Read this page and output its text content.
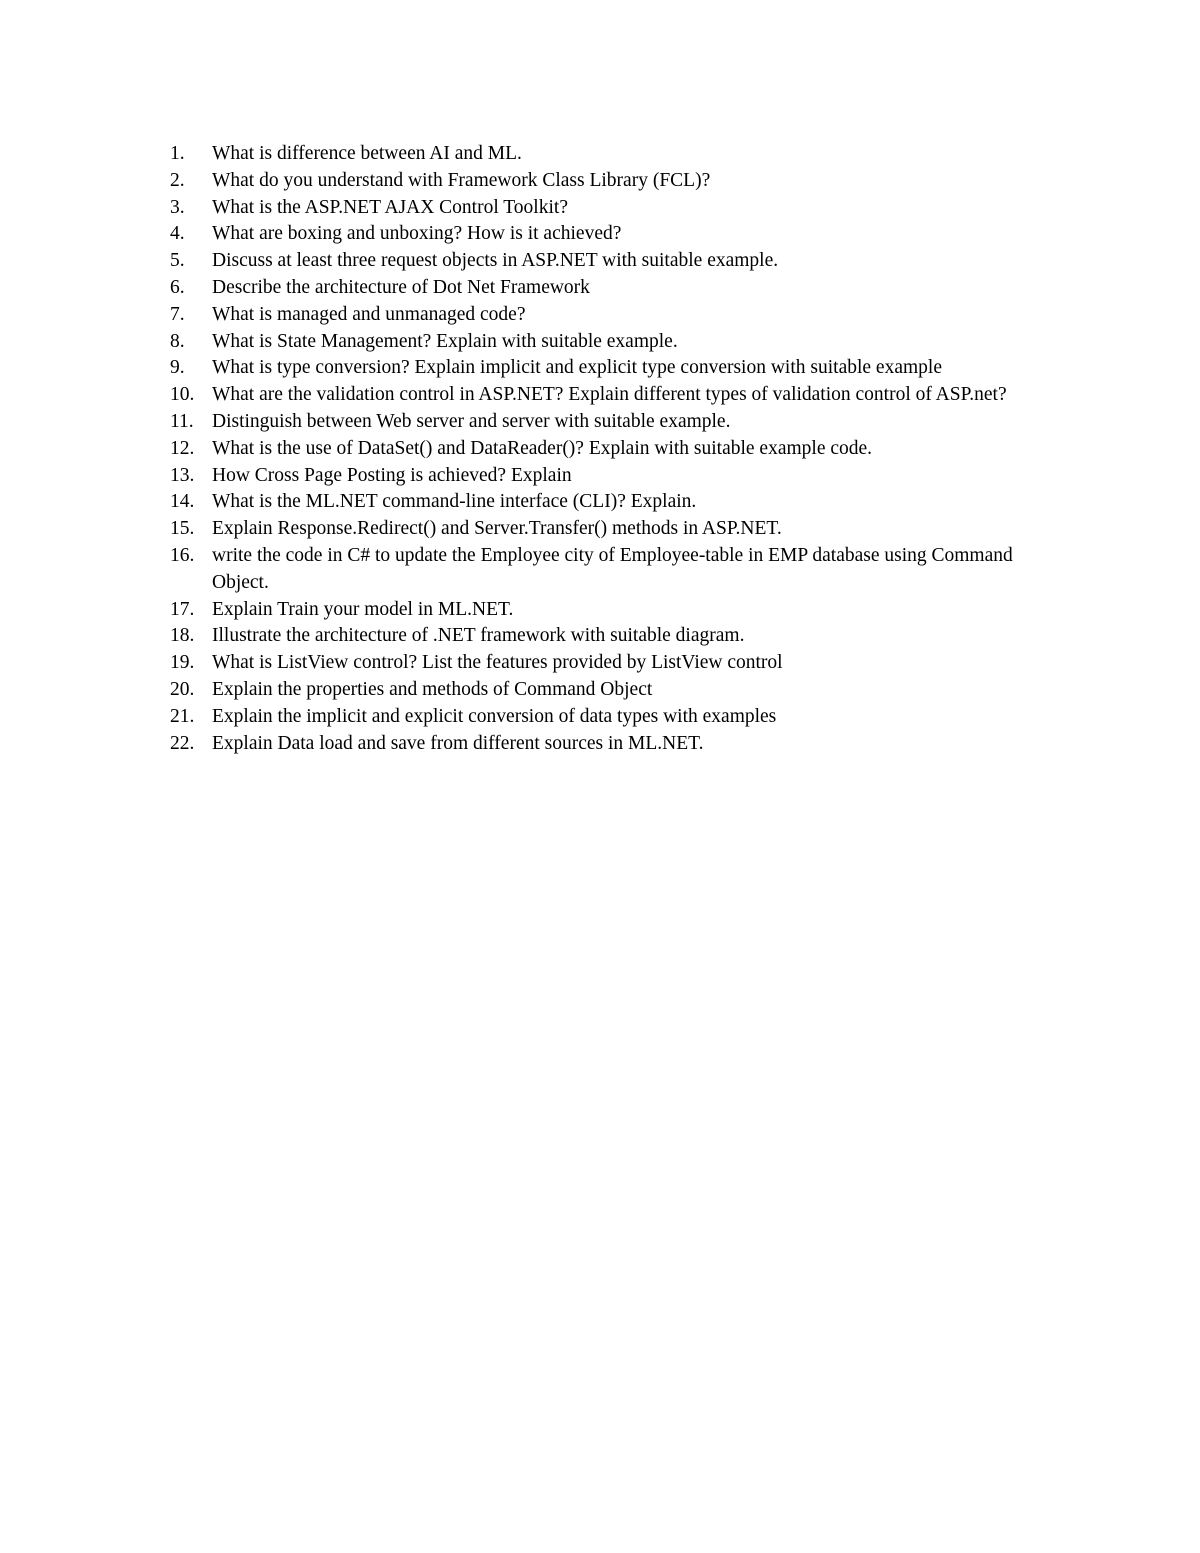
1.	What is difference between AI and ML.
2.	What do you understand with Framework Class Library (FCL)?
3.	What is the ASP.NET AJAX Control Toolkit?
4.	What are boxing and unboxing? How is it achieved?
5.	Discuss at least three request objects in ASP.NET with suitable example.
6.	Describe the architecture of Dot Net Framework
7.	What is managed and unmanaged code?
8.	What is State Management? Explain with suitable example.
9.	What is type conversion? Explain implicit and explicit type conversion with suitable example
10. What are the validation control in ASP.NET? Explain different types of validation control of ASP.net?
11. Distinguish between Web server and server with suitable example.
12. What is the use of DataSet() and DataReader()? Explain with suitable example code.
13. How Cross Page Posting is achieved? Explain
14. What is the ML.NET command-line interface (CLI)? Explain.
15. Explain Response.Redirect() and Server.Transfer() methods in ASP.NET.
16. write the code in C# to update the Employee city of Employee-table in EMP database using Command Object.
17. Explain Train your model in ML.NET.
18. Illustrate the architecture of .NET framework with suitable diagram.
19. What is ListView control? List the features provided by ListView control
20. Explain the properties and methods of Command Object
21. Explain the implicit and explicit conversion of data types with examples
22. Explain Data load and save from different sources in ML.NET.
